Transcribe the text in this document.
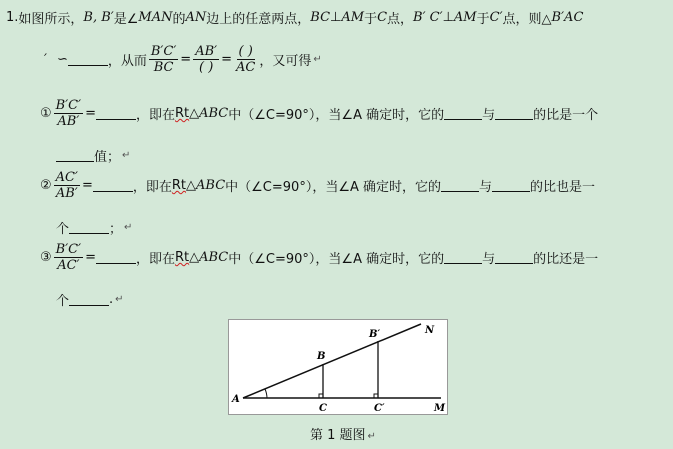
1. 如图所示， B, B′ 是∠ MAN 的 AN 边上的任意两点， BC ⊥ AM 于 C 点， B′ C′ ⊥ AM 于 C′ 点，则△ B′AC
′ ∽	，从而 $\frac{B'C'}{BC} = \frac{AB'}{( )} = \frac{( )}{AC}$ ，又可得 ↵
① $\frac{B'C'}{AB'}$ =	，即在 Rt △ABC 中（∠C=90°），当∠A 确定时，它的	与	的比是一个
值； ↵
② $\frac{AC'}{AB'}$ =	，即在 Rt △ABC 中（∠C=90°），当∠A 确定时，它的	与	的比也是一
个	； ↵
③ $\frac{B'C'}{AC'}$ =	，即在 Rt △ABC 中（∠C=90°），当∠A 确定时，它的	与	的比还是一
个	. ↵
A
B
B′	N
C	C′	M
第 1 题图 ↵
